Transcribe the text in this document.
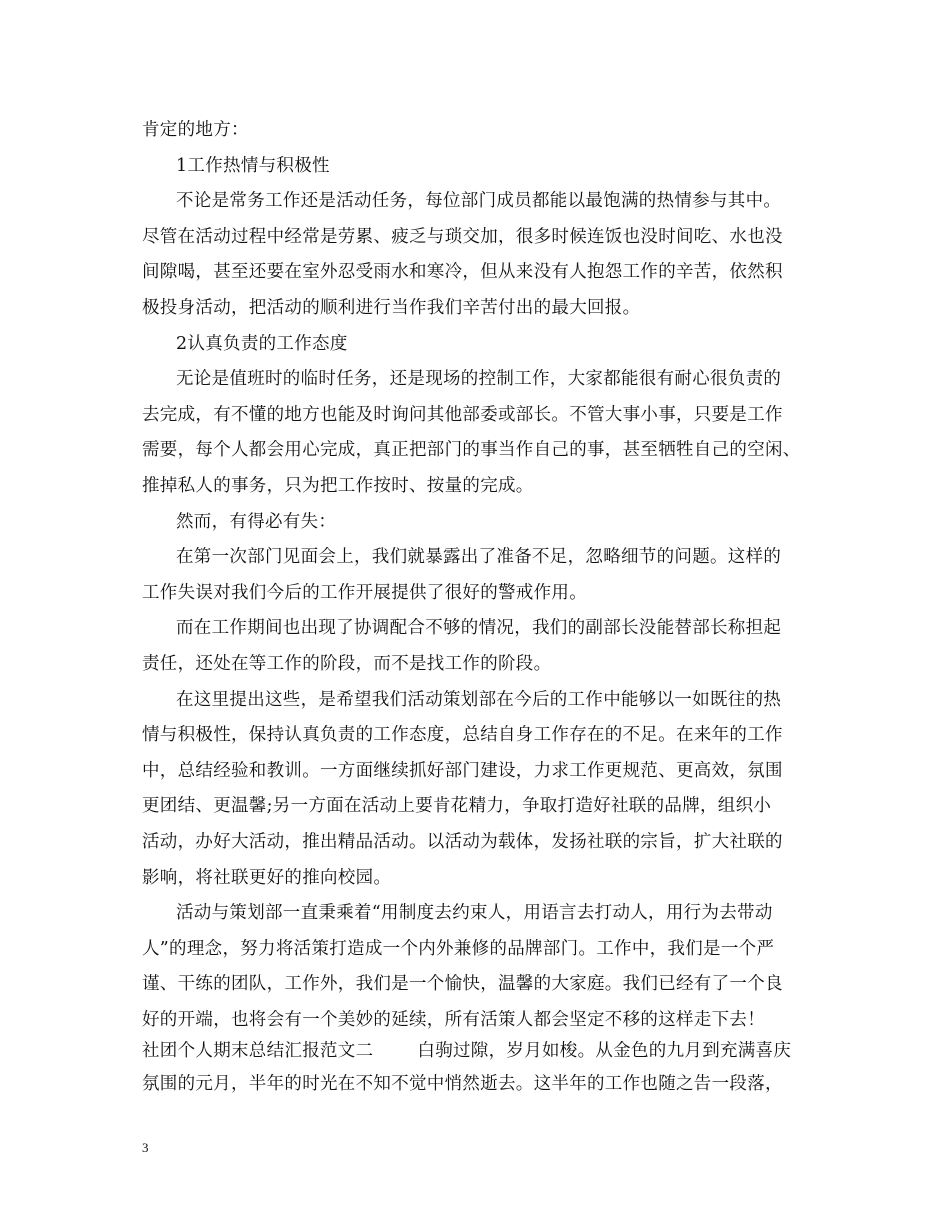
肯定的地方：
1工作热情与积极性
不论是常务工作还是活动任务，每位部门成员都能以最饱满的热情参与其中。
尽管在活动过程中经常是劳累、疲乏与琐交加，很多时候连饭也没时间吃、水也没
间隙喝，甚至还要在室外忍受雨水和寒冷，但从来没有人抱怨工作的辛苦，依然积
极投身活动，把活动的顺利进行当作我们辛苦付出的最大回报。
2认真负责的工作态度
无论是值班时的临时任务，还是现场的控制工作，大家都能很有耐心很负责的
去完成，有不懂的地方也能及时询问其他部委或部长。不管大事小事，只要是工作
需要，每个人都会用心完成，真正把部门的事当作自己的事，甚至牺牲自己的空闲、
推掉私人的事务，只为把工作按时、按量的完成。
然而，有得必有失：
在第一次部门见面会上，我们就暴露出了准备不足，忽略细节的问题。这样的
工作失误对我们今后的工作开展提供了很好的警戒作用。
而在工作期间也出现了协调配合不够的情况，我们的副部长没能替部长称担起
责任，还处在等工作的阶段，而不是找工作的阶段。
在这里提出这些，是希望我们活动策划部在今后的工作中能够以一如既往的热
情与积极性，保持认真负责的工作态度，总结自身工作存在的不足。在来年的工作
中，总结经验和教训。一方面继续抓好部门建设，力求工作更规范、更高效，氛围
更团结、更温馨;另一方面在活动上要肯花精力，争取打造好社联的品牌，组织小
活动，办好大活动，推出精品活动。以活动为载体，发扬社联的宗旨，扩大社联的
影响，将社联更好的推向校园。
活动与策划部一直秉乘着“用制度去约束人，用语言去打动人，用行为去带动
人”的理念，努力将活策打造成一个内外兼修的品牌部门。工作中，我们是一个严
谨、干练的团队，工作外，我们是一个愉快，温馨的大家庭。我们已经有了一个良
好的开端，也将会有一个美妙的延续，所有活策人都会坚定不移的这样走下去！
社团个人期末总结汇报范文二	白驹过隙，岁月如梭。从金色的九月到充满喜庆
氛围的元月，半年的时光在不知不觉中悄然逝去。这半年的工作也随之告一段落，
3
